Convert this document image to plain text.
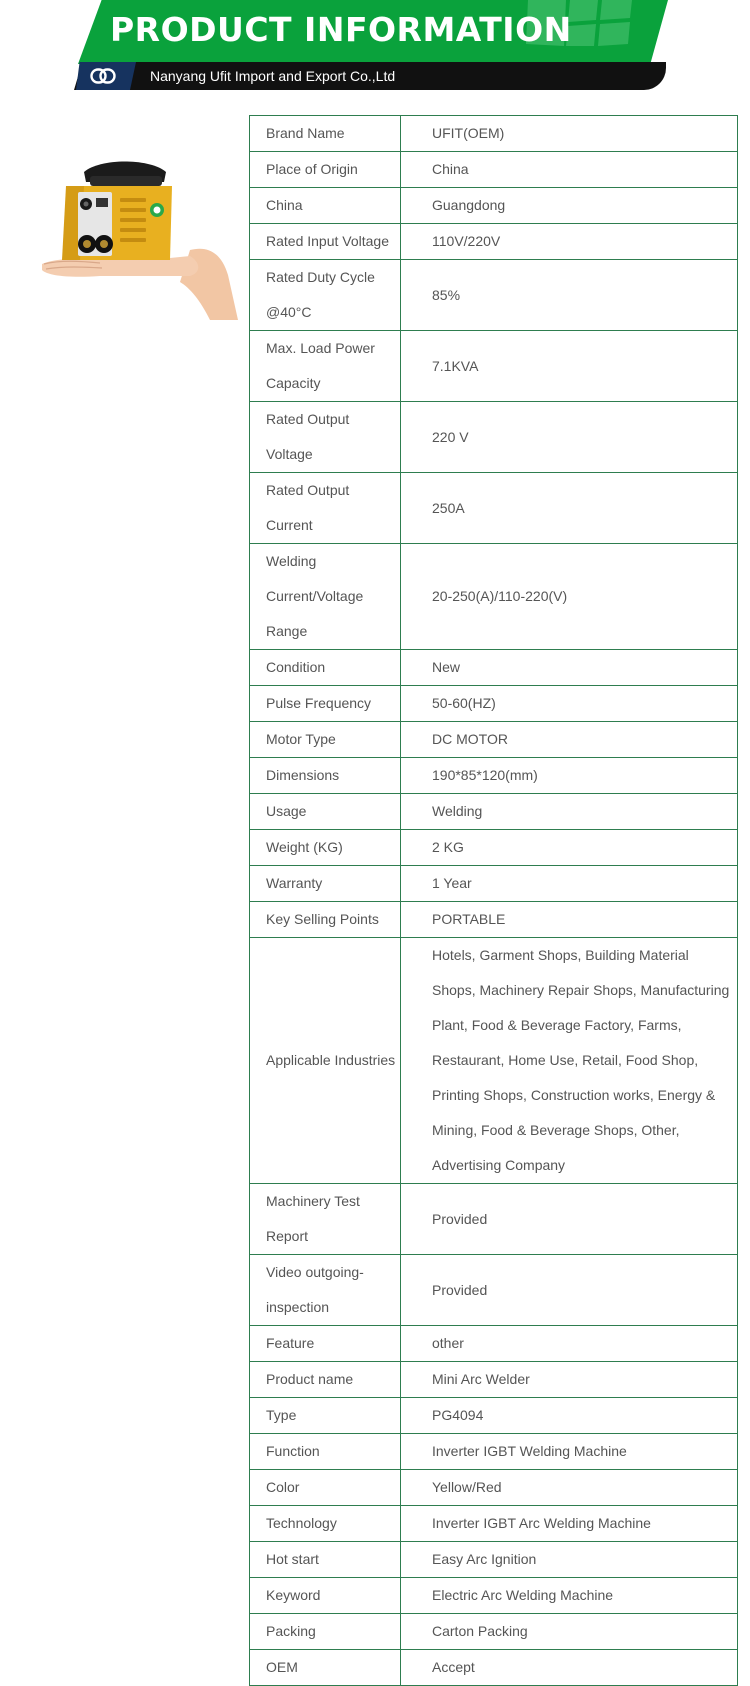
PRODUCT INFORMATION
Nanyang Ufit Import and Export Co.,Ltd
Brand Name	UFIT(OEM)
Place of Origin	China
China	Guangdong
Rated Input Voltage	110V/220V
Rated Duty Cycle @40°C	85%
Max. Load Power Capacity	7.1KVA
Rated Output Voltage	220 V
Rated Output Current	250A
Welding Current/Voltage Range	20-250(A)/110-220(V)
Condition	New
Pulse Frequency	50-60(HZ)
Motor Type	DC MOTOR
Dimensions	190*85*120(mm)
Usage	Welding
Weight (KG)	2 KG
Warranty	1 Year
Key Selling Points	PORTABLE
Applicable Industries	Hotels, Garment Shops, Building Material Shops, Machinery Repair Shops, Manufacturing Plant, Food & Beverage Factory, Farms, Restaurant, Home Use, Retail, Food Shop, Printing Shops, Construction works, Energy & Mining, Food & Beverage Shops, Other, Advertising Company
Machinery Test Report	Provided
Video outgoing-inspection	Provided
Feature	other
Product name	Mini Arc Welder
Type	PG4094
Function	Inverter IGBT Welding Machine
Color	Yellow/Red
Technology	Inverter IGBT Arc Welding Machine
Hot start	Easy Arc Ignition
Keyword	Electric Arc Welding Machine
Packing	Carton Packing
OEM	Accept
